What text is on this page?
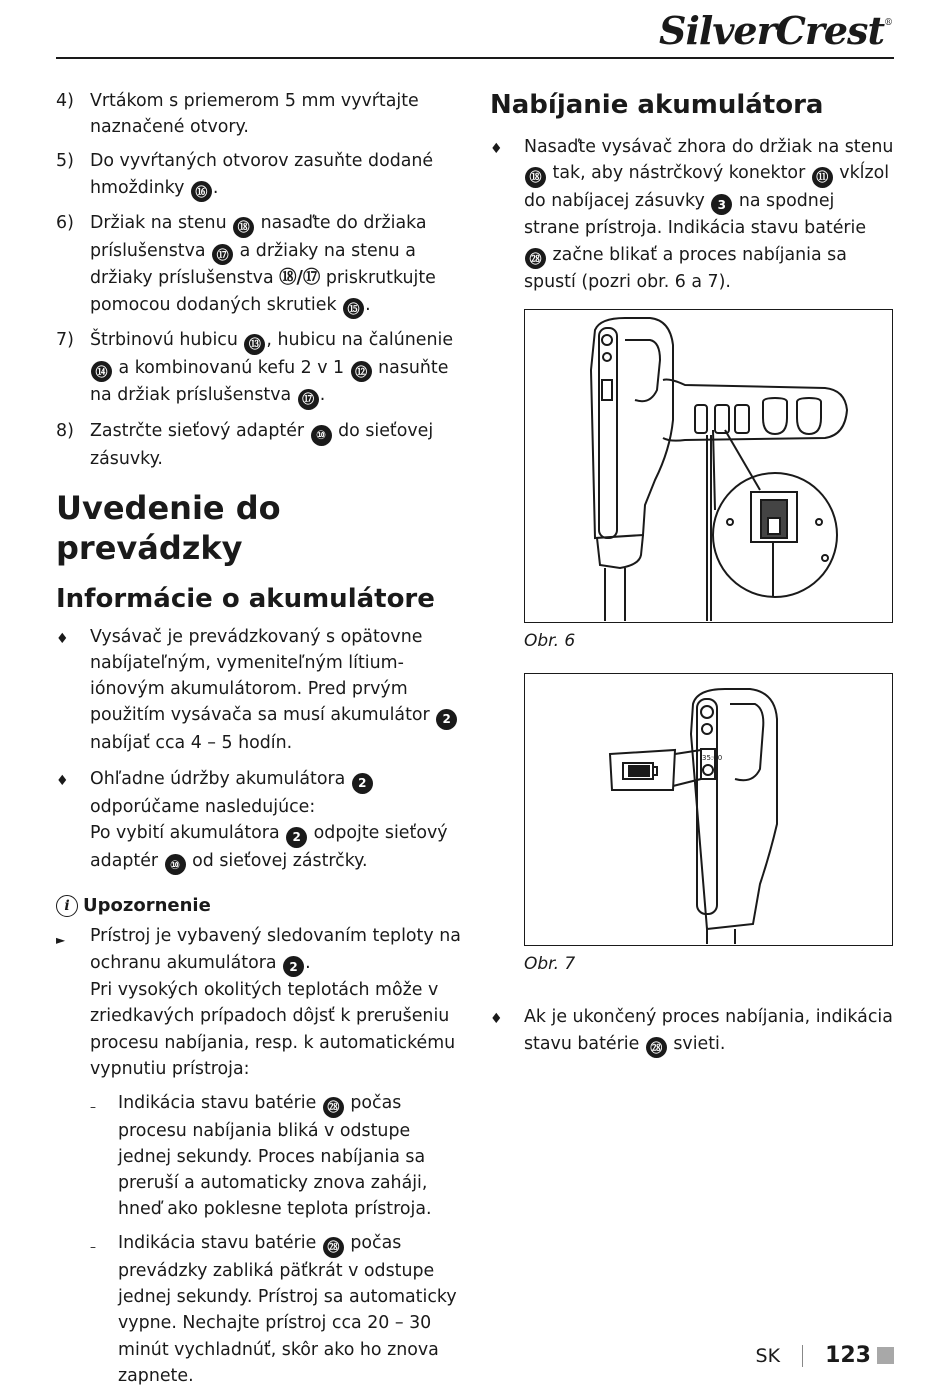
SilverCrest®
4) Vrtákom s priemerom 5 mm vyvŕtajte naznačené otvory.
5) Do vyvŕtaných otvorov zasuňte dodané hmoždinky ⑯ .
6) Držiak na stenu ⑱ nasaďte do držiaka príslušenstva ⑰ a držiaky na stenu a držiaky príslušenstva ⑱/⑰ priskrutkujte pomocou dodaných skrutiek ⑮ .
7) Štrbinovú hubicu ⑬ , hubicu na čalúnenie ⑭ a kombinovanú kefu 2 v 1 ⑫ nasuňte na držiak príslušenstva ⑰ .
8) Zastrčte sieťový adaptér ⑩ do sieťovej zásuvky.
Uvedenie do prevádzky
Informácie o akumulátore
♦	Vysávač je prevádzkovaný s opätovne nabíjateľným, vymeniteľným lítium-iónovým akumulátorom. Pred prvým použitím vysávača sa musí akumulátor 2 nabíjať cca 4 – 5 hodín.
♦	Ohľadne údržby akumulátora 2 odporúčame nasledujúce:
Po vybití akumulátora 2 odpojte sieťový adaptér ⑩ od sieťovej zástrčky.
i Upozornenie
►	Prístroj je vybavený sledovaním teploty na ochranu akumulátora 2 .
Pri vysokých okolitých teplotách môže v zriedkavých prípadoch dôjsť k prerušeniu procesu nabíjania, resp. k automatickému vypnutiu prístroja:
–	Indikácia stavu batérie ㉘ počas procesu nabíjania bliká v odstupe jednej sekundy. Proces nabíjania sa preruší a automaticky znova zaháji, hneď ako poklesne teplota prístroja.
–	Indikácia stavu batérie ㉘ počas prevádzky zabliká päťkrát v odstupe jednej sekundy. Prístroj sa automaticky vypne. Nechajte prístroj cca 20 – 30 minút vychladnúť, skôr ako ho znova zapnete.
Nabíjanie akumulátora
♦	Nasaďte vysávač zhora do držiak na stenu ⑱ tak, aby nástrčkový konektor ⑪ vkĺzol do nabíjacej zásuvky 3 na spodnej strane prístroja. Indikácia stavu batérie ㉘ začne blikať a proces nabíjania sa spustí (pozri obr. 6 a 7).
Obr. 6
35:00
Obr. 7
♦	Ak je ukončený proces nabíjania, indikácia stavu batérie ㉘ svieti.
SK 123
